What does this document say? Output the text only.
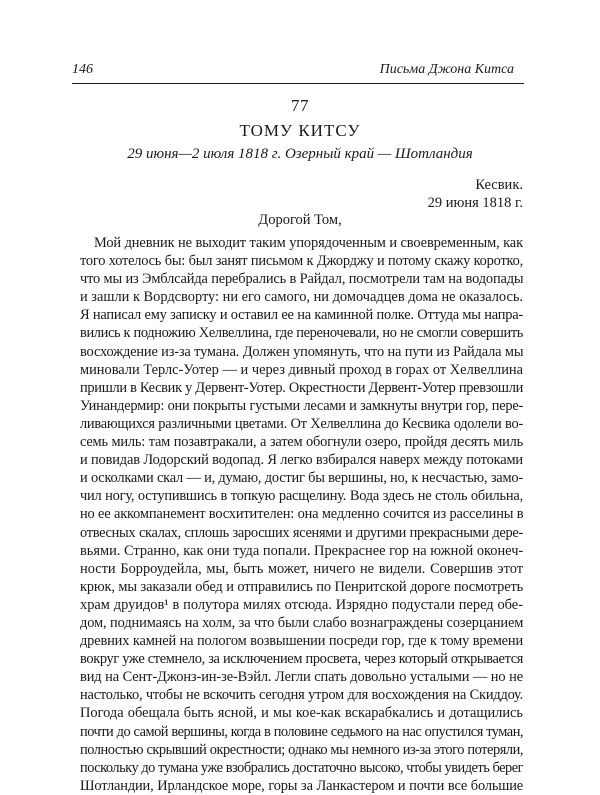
146	Письма Джона Китса
77
ТОМУ КИТСУ
29 июня—2 июля 1818 г. Озерный край — Шотландия
Кесвик.
29 июня 1818 г.
Дорогой Том,
Мой дневник не выходит таким упорядоченным и своевременным, как
того хотелось бы: был занят письмом к Джорджу и потому скажу коротко,
что мы из Эмблсайда перебрались в Райдал, посмотрели там на водопады
и зашли к Вордсворту: ни его самого, ни домочадцев дома не оказалось.
Я написал ему записку и оставил ее на каминной полке. Оттуда мы напра-
вились к подножию Хелвеллина, где переночевали, но не смогли совершить
восхождение из-за тумана. Должен упомянуть, что на пути из Райдала мы
миновали Терлс-Уотер — и через дивный проход в горах от Хелвеллина
пришли в Кесвик у Дервент-Уотер. Окрестности Дервент-Уотер превзошли
Уинандермир: они покрыты густыми лесами и замкнуты внутри гор, пере-
ливающихся различными цветами. От Хелвеллина до Кесвика одолели во-
семь миль: там позавтракали, а затем обогнули озеро, пройдя десять миль
и повидав Лодорский водопад. Я легко взбирался наверх между потоками
и осколками скал — и, думаю, достиг бы вершины, но, к несчастью, замо-
чил ногу, оступившись в топкую расщелину. Вода здесь не столь обильна,
но ее аккомпанемент восхитителен: она медленно сочится из расселины в
отвесных скалах, сплошь заросших ясенями и другими прекрасными дере-
вьями. Странно, как они туда попали. Прекраснее гор на южной оконеч-
ности Борроудейла, мы, быть может, ничего не видели. Совершив этот
крюк, мы заказали обед и отправились по Пенритской дороге посмотреть
храм друидов¹ в полутора милях отсюда. Изрядно подустали перед обе-
дом, поднимаясь на холм, за что были слабо вознаграждены созерцанием
древних камней на пологом возвышении посреди гор, где к тому времени
вокруг уже стемнело, за исключением просвета, через который открывается
вид на Сент-Джонз-ин-зе-Вэйл. Легли спать довольно усталыми — но не
настолько, чтобы не вскочить сегодня утром для восхождения на Скиддоу.
Погода обещала быть ясной, и мы кое-как вскарабкались и дотащились
почти до самой вершины, когда в половине седьмого на нас опустился туман,
полностью скрывший окрестности; однако мы немного из-за этого потеряли,
поскольку до тумана уже взобрались достаточно высоко, чтобы увидеть берег
Шотландии, Ирландское море, горы за Ланкастером и почти все большие
